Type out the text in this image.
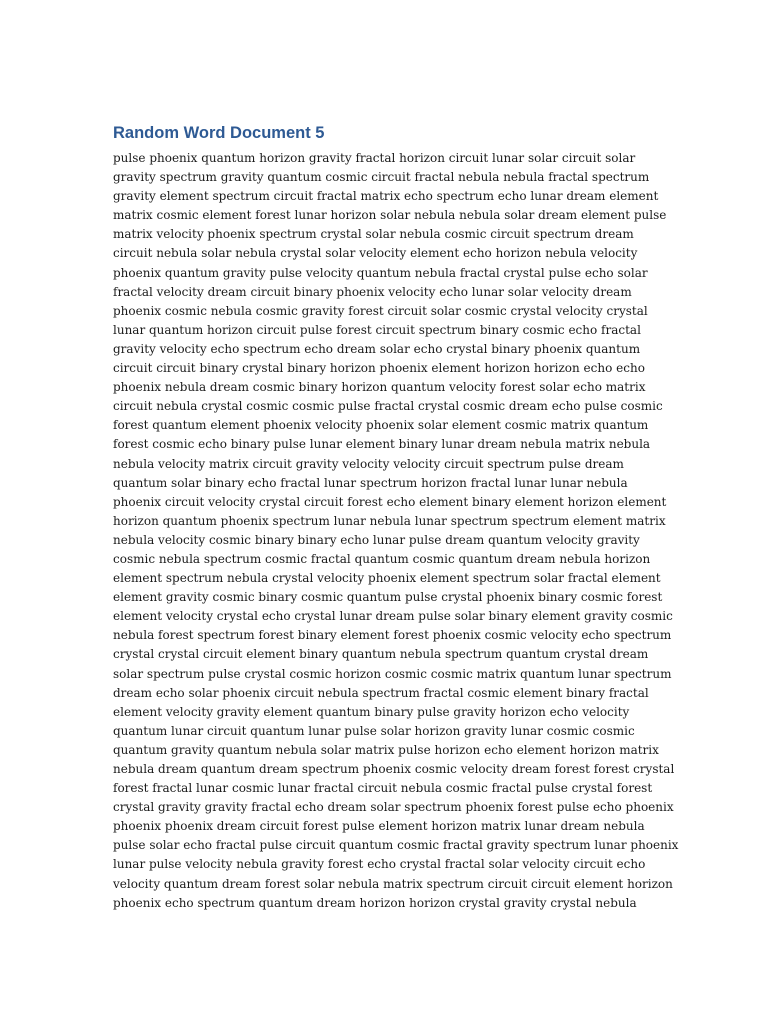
Random Word Document 5
pulse phoenix quantum horizon gravity fractal horizon circuit lunar solar circuit solar
gravity spectrum gravity quantum cosmic circuit fractal nebula nebula fractal spectrum
gravity element spectrum circuit fractal matrix echo spectrum echo lunar dream element
matrix cosmic element forest lunar horizon solar nebula nebula solar dream element pulse
matrix velocity phoenix spectrum crystal solar nebula cosmic circuit spectrum dream
circuit nebula solar nebula crystal solar velocity element echo horizon nebula velocity
phoenix quantum gravity pulse velocity quantum nebula fractal crystal pulse echo solar
fractal velocity dream circuit binary phoenix velocity echo lunar solar velocity dream
phoenix cosmic nebula cosmic gravity forest circuit solar cosmic crystal velocity crystal
lunar quantum horizon circuit pulse forest circuit spectrum binary cosmic echo fractal
gravity velocity echo spectrum echo dream solar echo crystal binary phoenix quantum
circuit circuit binary crystal binary horizon phoenix element horizon horizon echo echo
phoenix nebula dream cosmic binary horizon quantum velocity forest solar echo matrix
circuit nebula crystal cosmic cosmic pulse fractal crystal cosmic dream echo pulse cosmic
forest quantum element phoenix velocity phoenix solar element cosmic matrix quantum
forest cosmic echo binary pulse lunar element binary lunar dream nebula matrix nebula
nebula velocity matrix circuit gravity velocity velocity circuit spectrum pulse dream
quantum solar binary echo fractal lunar spectrum horizon fractal lunar lunar nebula
phoenix circuit velocity crystal circuit forest echo element binary element horizon element
horizon quantum phoenix spectrum lunar nebula lunar spectrum spectrum element matrix
nebula velocity cosmic binary binary echo lunar pulse dream quantum velocity gravity
cosmic nebula spectrum cosmic fractal quantum cosmic quantum dream nebula horizon
element spectrum nebula crystal velocity phoenix element spectrum solar fractal element
element gravity cosmic binary cosmic quantum pulse crystal phoenix binary cosmic forest
element velocity crystal echo crystal lunar dream pulse solar binary element gravity cosmic
nebula forest spectrum forest binary element forest phoenix cosmic velocity echo spectrum
crystal crystal circuit element binary quantum nebula spectrum quantum crystal dream
solar spectrum pulse crystal cosmic horizon cosmic cosmic matrix quantum lunar spectrum
dream echo solar phoenix circuit nebula spectrum fractal cosmic element binary fractal
element velocity gravity element quantum binary pulse gravity horizon echo velocity
quantum lunar circuit quantum lunar pulse solar horizon gravity lunar cosmic cosmic
quantum gravity quantum nebula solar matrix pulse horizon echo element horizon matrix
nebula dream quantum dream spectrum phoenix cosmic velocity dream forest forest crystal
forest fractal lunar cosmic lunar fractal circuit nebula cosmic fractal pulse crystal forest
crystal gravity gravity fractal echo dream solar spectrum phoenix forest pulse echo phoenix
phoenix phoenix dream circuit forest pulse element horizon matrix lunar dream nebula
pulse solar echo fractal pulse circuit quantum cosmic fractal gravity spectrum lunar phoenix
lunar pulse velocity nebula gravity forest echo crystal fractal solar velocity circuit echo
velocity quantum dream forest solar nebula matrix spectrum circuit circuit element horizon
phoenix echo spectrum quantum dream horizon horizon crystal gravity crystal nebula
